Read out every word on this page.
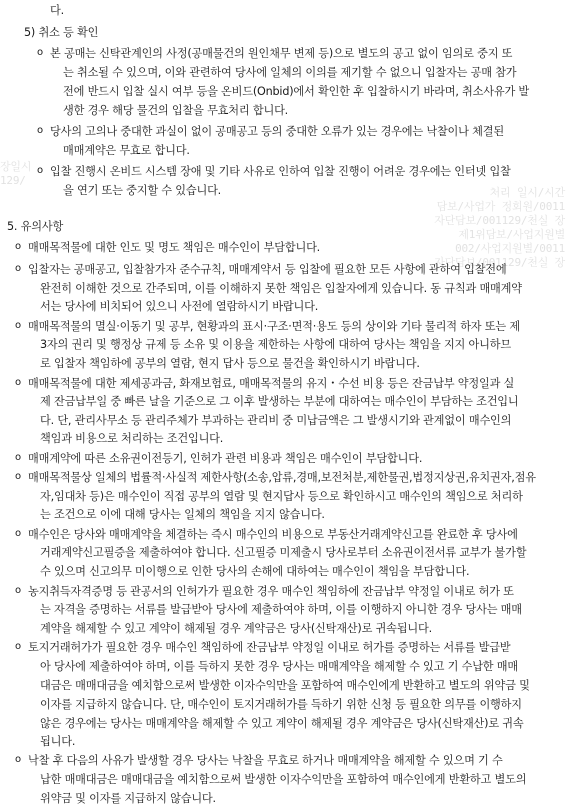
처리 일시/시간
담보/사업가 정회원/0011
자단담보/001129/천실 장
제1위담보/사업지원별
002/사업지원별/0011
자단담보/001129/천실 장
장일시
129/
다.
5) 취소 등 확인
o 본 공매는 신탁관계인의 사정(공매물건의 원인채무 변제 등)으로 별도의 공고 없이 임의로 중지 또
는 취소될 수 있으며, 이와 관련하여 당사에 일체의 이의를 제기할 수 없으니 입찰자는 공매 참가
전에 반드시 입찰 실시 여부 등을 온비드(Onbid)에서 확인한 후 입찰하시기 바라며, 취소사유가 발
생한 경우 해당 물건의 입찰을 무효처리 합니다.
o 당사의 고의나 중대한 과실이 없이 공매공고 등의 중대한 오류가 있는 경우에는 낙찰이나 체결된
매매계약은 무효로 합니다.
o 입찰 진행시 온비드 시스템 장애 및 기타 사유로 인하여 입찰 진행이 어려운 경우에는 인터넷 입찰
을 연기 또는 중지할 수 있습니다.
5. 유의사항
o 매매목적물에 대한 인도 및 명도 책임은 매수인이 부담합니다.
o 입찰자는 공매공고, 입찰참가자 준수규칙, 매매계약서 등 입찰에 필요한 모든 사항에 관하여 입찰전에
완전히 이해한 것으로 간주되며, 이를 이해하지 못한 책임은 입찰자에게 있습니다. 동 규칙과 매매계약
서는 당사에 비치되어 있으니 사전에 열람하시기 바랍니다.
o 매매목적물의 멸실·이동기 및 공부, 현황과의 표시·구조·면적·용도 등의 상이와 기타 물리적 하자 또는 제
3자의 권리 및 행정상 규제 등 소유 및 이용을 제한하는 사항에 대하여 당사는 책임을 지지 아니하므
로 입찰자 책임하에 공부의 열람, 현지 답사 등으로 물건을 확인하시기 바랍니다.
o 매매목적물에 대한 제세공과금, 화재보험료, 매매목적물의 유지・수선 비용 등은 잔금납부 약정일과 실
제 잔금납부일 중 빠른 날을 기준으로 그 이후 발생하는 부분에 대하여는 매수인이 부담하는 조건입니
다. 단, 관리사무소 등 관리주체가 부과하는 관리비 중 미납금액은 그 발생시기와 관계없이 매수인의
책임과 비용으로 처리하는 조건입니다.
o 매매계약에 따른 소유권이전등기, 인허가 관련 비용과 책임은 매수인이 부담합니다.
o 매매목적물상 일체의 법률적·사실적 제한사항(소송,압류,경매,보전처분,제한물권,법정지상권,유치권자,점유
자,임대차 등)은 매수인이 직접 공부의 열람 및 현지답사 등으로 확인하시고 매수인의 책임으로 처리하
는 조건으로 이에 대해 당사는 일체의 책임을 지지 않습니다.
o 매수인은 당사와 매매계약을 체결하는 즉시 매수인의 비용으로 부동산거래계약신고를 완료한 후 당사에
거래계약신고필증을 제출하여야 합니다. 신고필증 미제출시 당사로부터 소유권이전서류 교부가 불가할
수 있으며 신고의무 미이행으로 인한 당사의 손해에 대하여는 매수인이 책임을 부담합니다.
o 농지취득자격증명 등 관공서의 인허가가 필요한 경우 매수인 책임하에 잔금납부 약정일 이내로 허가 또
는 자격을 증명하는 서류를 발급받아 당사에 제출하여야 하며, 이를 이행하지 아니한 경우 당사는 매매
계약을 해제할 수 있고 계약이 해제될 경우 계약금은 당사(신탁재산)로 귀속됩니다.
o 토지거래허가가 필요한 경우 매수인 책임하에 잔금납부 약정일 이내로 허가를 증명하는 서류를 발급받
아 당사에 제출하여야 하며, 이를 득하지 못한 경우 당사는 매매계약을 해제할 수 있고 기 수납한 매매
대금은 매매대금을 예치함으로써 발생한 이자수익만을 포함하여 매수인에게 반환하고 별도의 위약금 및
이자를 지급하지 않습니다. 단, 매수인이 토지거래허가를 득하기 위한 신청 등 필요한 의무를 이행하지
않은 경우에는 당사는 매매계약을 해제할 수 있고 계약이 해제될 경우 계약금은 당사(신탁재산)로 귀속
됩니다.
o 낙찰 후 다음의 사유가 발생할 경우 당사는 낙찰을 무효로 하거나 매매계약을 해제할 수 있으며 기 수
납한 매매대금은 매매대금을 예치함으로써 발생한 이자수익만을 포함하여 매수인에게 반환하고 별도의
위약금 및 이자를 지급하지 않습니다.
